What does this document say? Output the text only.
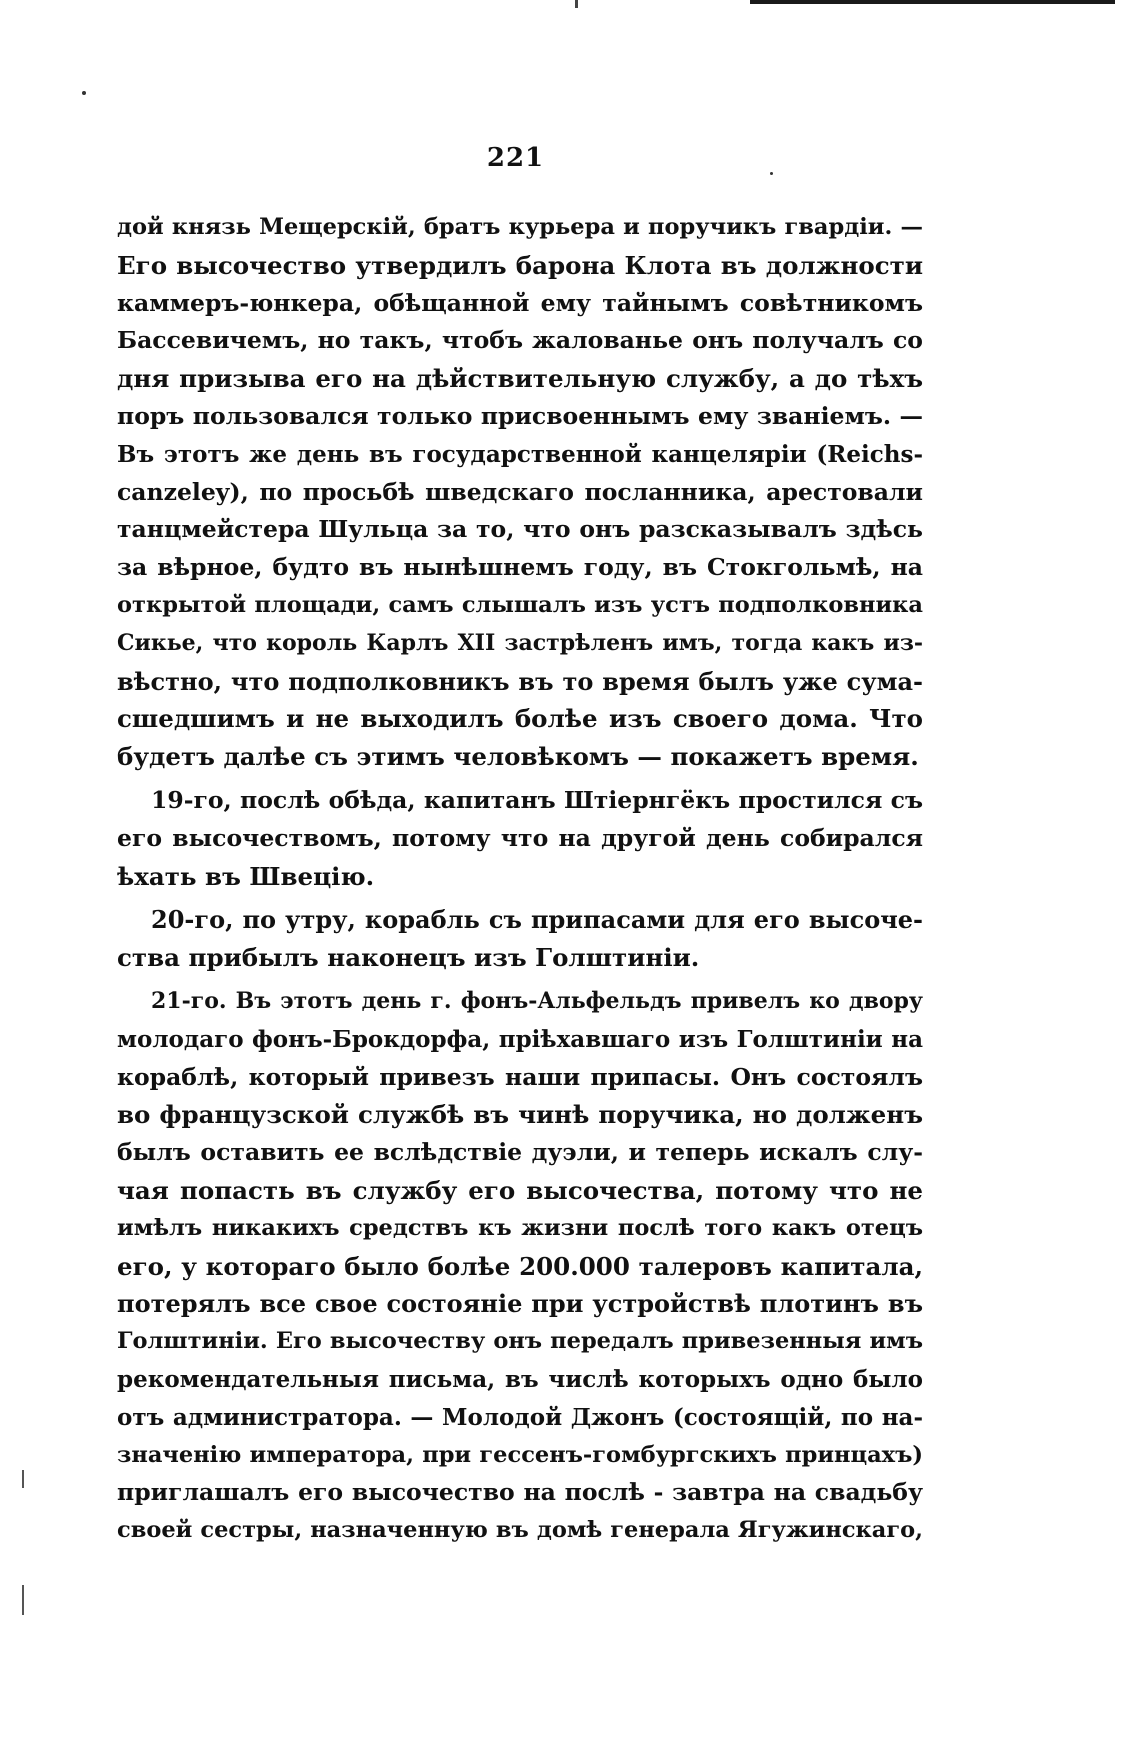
221
дой князь Мещерскій, братъ курьера и поручикъ гвардіи. —
Его высочество утвердилъ барона Клота въ должности
каммеръ-юнкера, обѣщанной ему тайнымъ совѣтникомъ
Бассевичемъ, но такъ, чтобъ жалованье онъ получалъ со
дня призыва его на дѣйствительную службу, а до тѣхъ
поръ пользовался только присвоеннымъ ему званіемъ. —
Въ этотъ же день въ государственной канцеляріи (Reichs-
canzeley), по просьбѣ шведскаго посланника, арестовали
танцмейстера Шульца за то, что онъ разсказывалъ здѣсь
за вѣрное, будто въ нынѣшнемъ году, въ Стокгольмѣ, на
открытой площади, самъ слышалъ изъ устъ подполковника
Сикье, что король Карлъ XII застрѣленъ имъ, тогда какъ из-
вѣстно, что подполковникъ въ то время былъ уже сума-
сшедшимъ и не выходилъ болѣе изъ своего дома. Что
будетъ далѣе съ этимъ человѣкомъ — покажетъ время.
19-го, послѣ обѣда, капитанъ Штіернгёкъ простился съ
его высочествомъ, потому что на другой день собирался
ѣхать въ Швецію.
20-го, по утру, корабль съ припасами для его высоче-
ства прибылъ наконецъ изъ Голштиніи.
21-го. Въ этотъ день г. фонъ-Альфельдъ привелъ ко двору
молодаго фонъ-Брокдорфа, пріѣхавшаго изъ Голштиніи на
кораблѣ, который привезъ наши припасы. Онъ состоялъ
во французской службѣ въ чинѣ поручика, но долженъ
былъ оставить ее вслѣдствіе дуэли, и теперь искалъ слу-
чая попасть въ службу его высочества, потому что не
имѣлъ никакихъ средствъ къ жизни послѣ того какъ отецъ
его, у котораго было болѣе 200.000 талеровъ капитала,
потерялъ все свое состояніе при устройствѣ плотинъ въ
Голштиніи. Его высочеству онъ передалъ привезенныя имъ
рекомендательныя письма, въ числѣ которыхъ одно было
отъ администратора. — Молодой Джонъ (состоящій, по на-
значенію императора, при гессенъ-гомбургскихъ принцахъ)
приглашалъ его высочество на послѣ - завтра на свадьбу
своей сестры, назначенную въ домѣ генерала Ягужинскаго,
